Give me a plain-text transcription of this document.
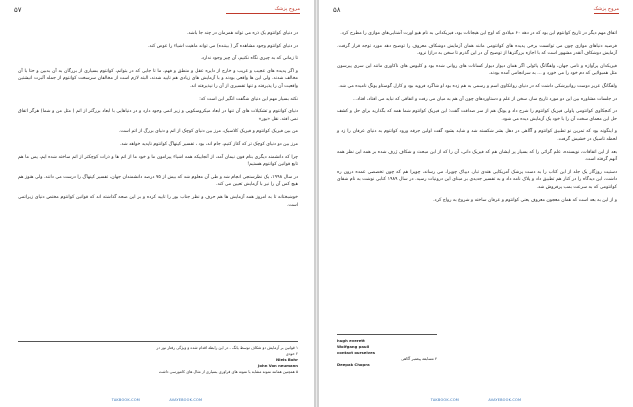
۵۷	مروج پزشک

در دنیای کوانتوم یک ذره می تواند همزمان در چند جا باشد.

در دنیای کوانتوم وجود مشاهده گر ( بیننده) می تواند ماهیت اشیاء را عوض کند.

تا زمانی که به چیزی نگاه نکنیم، آن چیز وجود ندارد.

و اگر پدیده های عجیب و غریب و خارج از دایره عقل و منطق و فهم، ما تا جایی که در بتوانم، کوانتوم بسیاری از بزرگان به آن بدبین و حتا با آن مخالف شدند. ولی این ها واقعی بودند و با آزمایش های زیادی هم تایید شدند، البته لازم است از مخالفان سرسخت کوانتوم از جمله آلبرت انیشتین واقعیت آن را پذیرفته و تنها تفسیری از آن را نپذیرفته اند.

نکته بسیار مهم این دنیای شگفت انگیز این است که:

دنیای کوانتوم و تشکیلات های آن تنها در ابعاد میکروسکوپی و زیر اتمی وجود دارد و در دنیاهایی با ابعاد بزرگتر از اتم ( مثل من و شما) هرگز اتفاق نمی افتد. نقل «بور»

من بین فیزیک کوانتوم و فیزیک کلاسیک، مرز بین دنیای کوچک از اتم و دنیای بزرگ از اتم است.

مرز بین دو دنیای کوچک تر که آغاز کنیم، جام اند، بود ، تفسیر کپنهاگ کوانتوم ناپدید خواهد شد.

چرا که دانشمند دیگری بنام فون نیمان آمد، از آنجاییکه همه اشیاء پیرامون ما و خود ما از اتم ها و ذرات کوچکتر از اتم ساخته شده ایم، پس ما هم تابع قوانین کوانتوم هستیم!

در سال ۱۹۹۸، یک نظرسنجی انجام شد و طی آن معلوم شد که بیش از ۷۵ درصد دانشمندان جهان، تفسیر کپنهاگ را درست می دانند. ولی هنوز هم هیچ کس آن را نیز با آزمایش تعیین می کند.

خوشبختانه تا به امروز همه آزمایش ها هم حرف و نظر جناب بور را تایید کرده و بر این صحه گذاشته اند که قوانین کوانتوم مختص دنیای زیراتمی است.

۱ قوانین بر آزمایش دو شکاف توسط یانگ - در این رابطه اقدام شده و ویژگی رفتار نور در

۲ خودی

Niels Bohr

John Von neumann

۵ همچنین همانند نمونه مشابه با نمونه های فراوری بسیاری از مثال های کانتورسی داشت

TAKBOOK.COM	AVAYEBOOK.COM
۵۸	مروج پزشک

اتفاق مهم دیگر در تاریخ کوانتوم این بود که در دهه ۶۰ میلادی که اوج این هیجانات بود، فیزیکدانی به نام هیو اورت آشنایی‌های موازی را مطرح کرد.

فرضیه دنیاهای موازی چون می توانست برخی پدیده های کوانتومی مانند همان آزمایش دوشکاف معروف را توضیح دهد مورد توجه قرار گرفت. آزمایش دوشکاف آنقدر مشهور است که با اجازه بزرگترها از توضیح آن در این گذرم تا سخن به درازا نرود.

فیزیکدان پرآوازه و نامی جهان، ولفگانگ پائولی اگر همان دیوار دیوار کسانات های روانی شده بود و کلیوس های ناکاوری مانند این سری پیرسون مثل همبولایی که دم خود را می خورد و ... به سرانجامی آمده بودند.

ولفگانگ عزیز دوست روانپزشکی داشت که در دنیای روانکاوی اسم و رسمی به هم زده بود او شاگرد فروید بود و کارل گوستاو یونگ نامیده می شد.

در جلسات مشاوره بین این دو مورد تاریخ ساز، سخن از علم و دستاوردهای چون آن هم به میان می رفت و اتفاقی که نباید می افتاد، افتاد...

در کنجکاوی کوانتومی پاولی فیزیک کوانتوم را شرح داد و یونگ هم از سر صداقت گفت: این فیزیک کوانتوم شما همه که بگذارید برای حل و کشف حل این معمای سخت آن را با خود یک آزمایش دیده می شود.

و اینگونه بود که تمرین نو تطبیق کوانتوم و آگاهی در دهل بشر شکسته شد و شاید بشود گفت اولین جرقه ورود کوانتوم به دنیای عرفان را زد و لحظه تاسیک در خشیش گرفت.

بعد از این اتفاقات، نویسنده، علم گرائی را که بسیار پر ایشان هم که فیزیک دانی، آن را که از این مبحث و شکاف ژرف شده بر همه این نظر همه آنهم گرفته است.

دستیت روزگار یک جلد از این کتاب را به دست پزشک آمریکایی هندی تبار، دیپاک چوپرا، می رساند، چوپرا هم که چون تخصصی عمده درون ره داشت، این دیدگاه را در کنار هم تطبیق داد و پلاک نامه داد و به تفسیر جدیدی بر مبنای این درونیات رسید. در سال ۱۹۸۹ کتابی نوشت به نام شفای کوانتومی که به سرعت بمب پرفروش شد.

و از این به بعد است که همان معجون معروف یعنی کوانتوم و عرفان ساخته و شروع به رواج کرد.

hugh everett

Wolfgang pauli

contact ourselves

۴ مسابقه پیغمبر آگاهی

Deepak Chopra

TAKBOOK.COM	AVAYEBOOK.COM
